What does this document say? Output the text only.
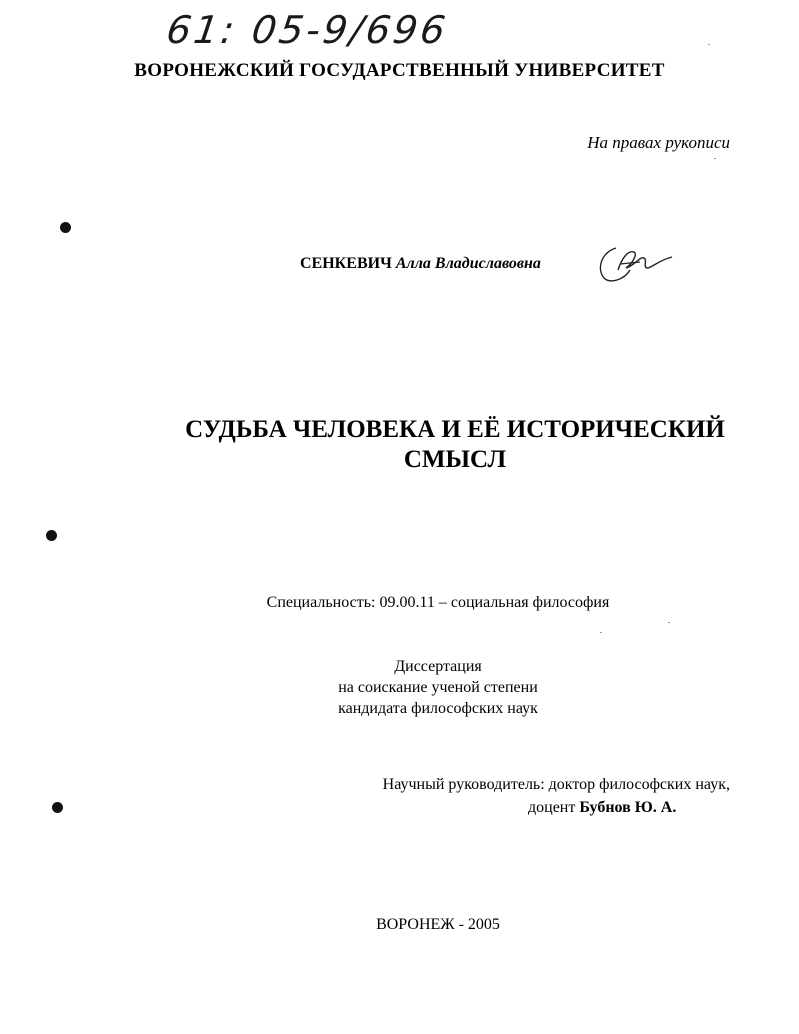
61: 05-9/696
ВОРОНЕЖСКИЙ ГОСУДАРСТВЕННЫЙ УНИВЕРСИТЕТ
На правах рукописи
СЕНКЕВИЧ Алла Владиславовна
СУДЬБА ЧЕЛОВЕКА И ЕЁ ИСТОРИЧЕСКИЙ
СМЫСЛ
Специальность: 09.00.11 – социальная философия
Диссертация
на соискание ученой степени
кандидата философских наук
Научный руководитель: доктор философских наук,
доцент Бубнов Ю. А.
ВОРОНЕЖ - 2005
